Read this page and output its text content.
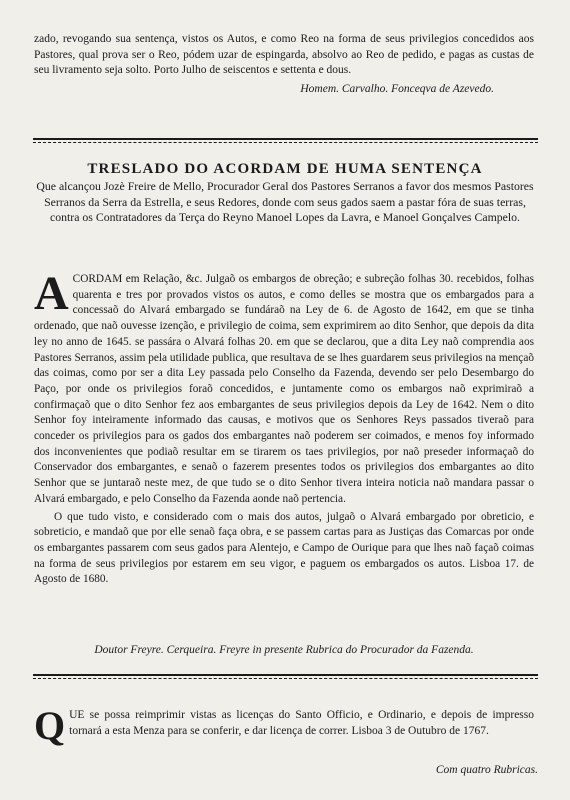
zado, revogando sua sentença, vistos os Autos, e como Reo na forma de seus privilegios concedidos aos Pastores, qual prova ser o Reo, pódem uzar de espingarda, absolvo ao Reo de pedido, e pagas as custas de seu livramento seja solto. Porto Julho de seiscentos e settenta e dous.
Homem. Carvalho. Fonceqva de Azevedo.
TRESLADO DO ACORDAM DE HUMA SENTENÇA
Que alcançou Jozè Freire de Mello, Procurador Geral dos Pastores Serranos a favor dos mesmos Pastores Serranos da Serra da Estrella, e seus Redores, donde com seus gados saem a pastar fóra de suas terras, contra os Contratadores da Terça do Reyno Manoel Lopes da Lavra, e Manoel Gonçalves Campelo.
A CORDAM em Relação, &c. Julgaõ os embargos de obreção; e subreção folhas 30. recebidos, folhas quarenta e tres por provados vistos os autos, e como delles se mostra que os embargados para a concessaõ do Alvará embargado se fundáraõ na Ley de 6. de Agosto de 1642, em que se tinha ordenado, que naõ ouvesse izenção, e privilegio de coima, sem exprimirem ao dito Senhor, que depois da dita ley no anno de 1645. se passára o Alvará folhas 20. em que se declarou, que a dita Ley naõ comprendia aos Pastores Serranos, assim pela utilidade publica, que resultava de se lhes guardarem seus privilegios na mençaõ das coimas, como por ser a dita Ley passada pelo Conselho da Fazenda, devendo ser pelo Desembargo do Paço, por onde os privilegios foraõ concedidos, e juntamente como os embargos naõ exprimiraõ a confirmaçaõ que o dito Senhor fez aos embargantes de seus privilegios depois da Ley de 1642. Nem o dito Senhor foy inteiramente informado das causas, e motivos que os Senhores Reys passados tiveraõ para conceder os privilegios para os gados dos embargantes naõ poderem ser coimados, e menos foy informado dos inconvenientes que podiaõ resultar em se tirarem os taes privilegios, por naõ preseder informaçaõ do Conservador dos embargantes, e senaõ o fazerem presentes todos os privilegios dos embargantes ao dito Senhor que se juntaraõ neste mez, de que tudo se o dito Senhor tivera inteira noticia naõ mandara passar o Alvará embargado, e pelo Conselho da Fazenda aonde naõ pertencia.

O que tudo visto, e considerado com o mais dos autos, julgaõ o Alvará embargado por obreticio, e sobreticio, e mandaõ que por elle senaõ faça obra, e se passem cartas para as Justiças das Comarcas por onde os embargantes passarem com seus gados para Alentejo, e Campo de Ourique para que lhes naõ façaõ coimas na forma de seus privilegios por estarem em seu vigor, e paguem os embargados os autos. Lisboa 17. de Agosto de 1680.

Doutor Freyre. Cerqueira. Freyre in presente Rubrica do Procurador da Fazenda.
Q UE se possa reimprimir vistas as licenças do Santo Officio, e Ordinario, e depois de impresso tornará a esta Menza para se conferir, e dar licença de correr. Lisboa 3 de Outubro de 1767.
Com quatro Rubricas.
